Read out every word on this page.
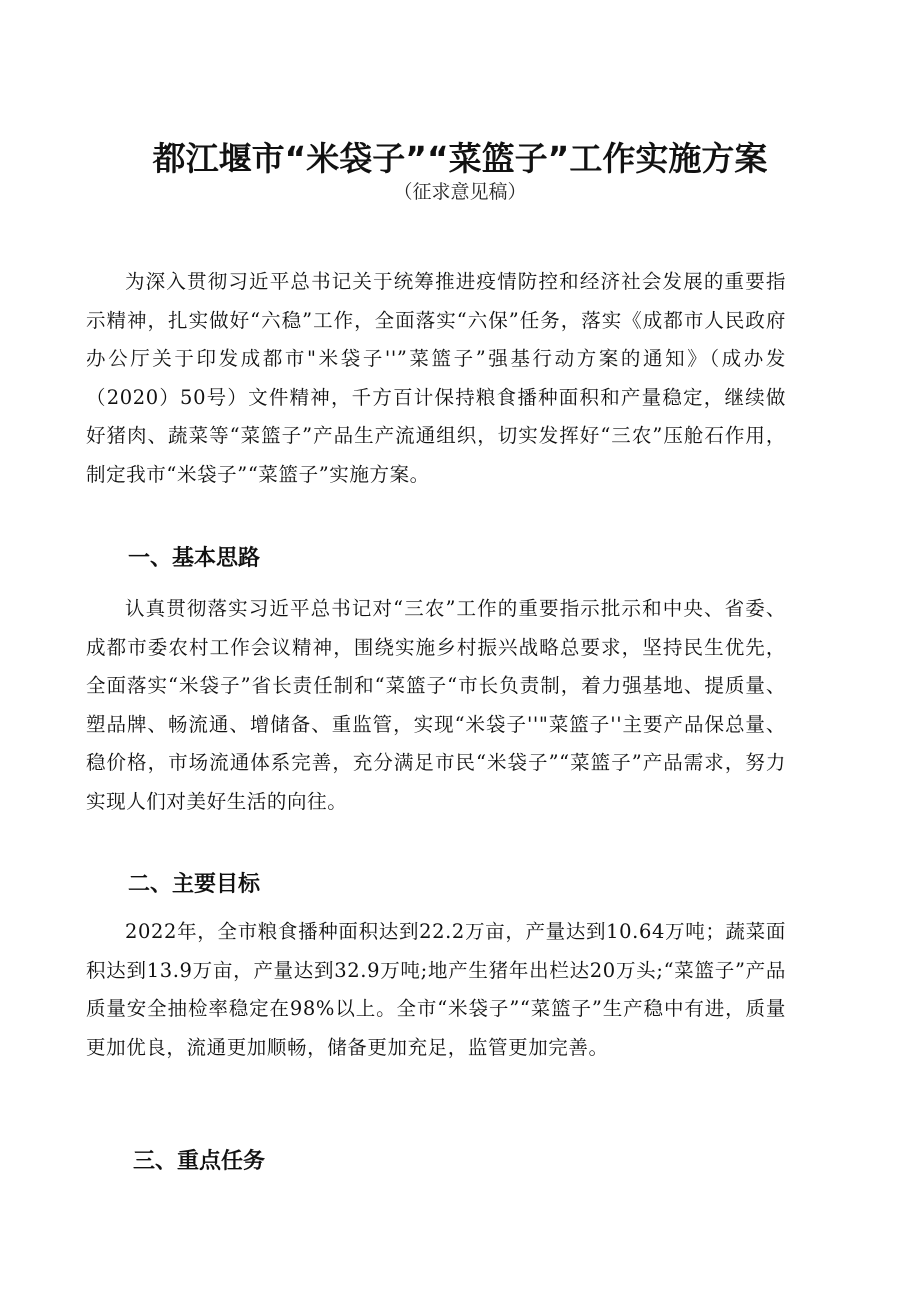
都江堰市“米袋子”“菜篮子”工作实施方案
（征求意见稿）

为深入贯彻习近平总书记关于统筹推进疫情防控和经济社会发展的重要指示精神，扎实做好“六稳”工作，全面落实“六保”任务，落实《成都市人民政府办公厅关于印发成都市"米袋子''”菜篮子”强基行动方案的通知》（成办发（2020）50号）文件精神，千方百计保持粮食播种面积和产量稳定，继续做好猪肉、蔬菜等“菜篮子”产品生产流通组织，切实发挥好“三农”压舱石作用，制定我市“米袋子”“菜篮子”实施方案。

一、基本思路

认真贯彻落实习近平总书记对“三农”工作的重要指示批示和中央、省委、成都市委农村工作会议精神，围绕实施乡村振兴战略总要求，坚持民生优先，全面落实“米袋子”省长责任制和“菜篮子“市长负责制，着力强基地、提质量、塑品牌、畅流通、增储备、重监管，实现“米袋子''"菜篮子''主要产品保总量、稳价格，市场流通体系完善，充分满足市民“米袋子”“菜篮子”产品需求，努力实现人们对美好生活的向往。

二、主要目标

2022年，全市粮食播种面积达到22.2万亩，产量达到10.64万吨；蔬菜面积达到13.9万亩，产量达到32.9万吨;地产生猪年出栏达20万头;“菜篮子”产品质量安全抽检率稳定在98%以上。全市“米袋子”“菜篮子”生产稳中有进，质量更加优良，流通更加顺畅，储备更加充足，监管更加完善。

三、重点任务
